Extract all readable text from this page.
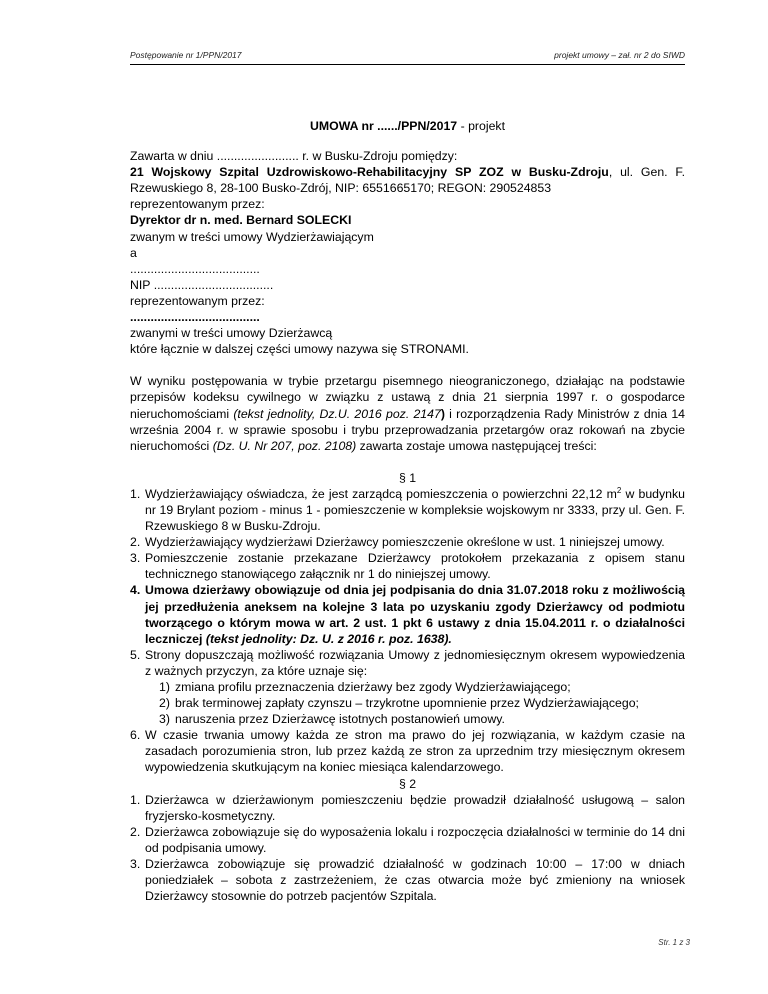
Postępowanie nr 1/PPN/2017	projekt umowy – zał. nr 2 do SIWD
UMOWA nr ....../PPN/2017 - projekt
Zawarta w dniu ........................ r. w Busku-Zdroju pomiędzy:
21 Wojskowy Szpital Uzdrowiskowo-Rehabilitacyjny SP ZOZ w Busku-Zdroju, ul. Gen. F.
Rzewuskiego 8, 28-100 Busko-Zdrój, NIP: 6551665170; REGON: 290524853
reprezentowanym przez:
Dyrektor dr n. med. Bernard SOLECKI
zwanym w treści umowy Wydzierżawiającym
a
......................................
NIP ...................................
reprezentowanym przez:
......................................
zwanymi w treści umowy Dzierżawcą
które łącznie w dalszej części umowy nazywa się STRONAMI.
W wyniku postępowania w trybie przetargu pisemnego nieograniczonego, działając na podstawie przepisów kodeksu cywilnego w związku z ustawą z dnia 21 sierpnia 1997 r. o gospodarce nieruchomościami (tekst jednolity, Dz.U. 2016 poz. 2147) i rozporządzenia Rady Ministrów z dnia 14 września 2004 r. w sprawie sposobu i trybu przeprowadzania przetargów oraz rokowań na zbycie nieruchomości (Dz. U. Nr 207, poz. 2108) zawarta zostaje umowa następującej treści:
§ 1
1. Wydzierżawiający oświadcza, że jest zarządcą pomieszczenia o powierzchni 22,12 $m^2$ w budynku nr 19 Brylant poziom - minus 1 - pomieszczenie w kompleksie wojskowym nr 3333, przy ul. Gen. F. Rzewuskiego 8 w Busku-Zdroju.
2. Wydzierżawiający wydzierżawi Dzierżawcy pomieszczenie określone w ust. 1 niniejszej umowy.
3. Pomieszczenie zostanie przekazane Dzierżawcy protokołem przekazania z opisem stanu technicznego stanowiącego załącznik nr 1 do niniejszej umowy.
4. Umowa dzierżawy obowiązuje od dnia jej podpisania do dnia 31.07.2018 roku z możliwością jej przedłużenia aneksem na kolejne 3 lata po uzyskaniu zgody Dzierżawcy od podmiotu tworzącego o którym mowa w art. 2 ust. 1 pkt 6 ustawy z dnia 15.04.2011 r. o działalności leczniczej (tekst jednolity: Dz. U. z 2016 r. poz. 1638).
5. Strony dopuszczają możliwość rozwiązania Umowy z jednomiesięcznym okresem wypowiedzenia z ważnych przyczyn, za które uznaje się:
1) zmiana profilu przeznaczenia dzierżawy bez zgody Wydzierżawiającego;
2) brak terminowej zapłaty czynszu – trzykrotne upomnienie przez Wydzierżawiającego;
3) naruszenia przez Dzierżawcę istotnych postanowień umowy.
6. W czasie trwania umowy każda ze stron ma prawo do jej rozwiązania, w każdym czasie na zasadach porozumienia stron, lub przez każdą ze stron za uprzednim trzy miesięcznym okresem wypowiedzenia skutkującym na koniec miesiąca kalendarzowego.
§ 2
1. Dzierżawca w dzierżawionym pomieszczeniu będzie prowadził działalność usługową – salon fryzjersko-kosmetyczny.
2. Dzierżawca zobowiązuje się do wyposażenia lokalu i rozpoczęcia działalności w terminie do 14 dni od podpisania umowy.
3. Dzierżawca zobowiązuje się prowadzić działalność w godzinach 10:00 – 17:00 w dniach poniedziałek – sobota z zastrzeżeniem, że czas otwarcia może być zmieniony na wniosek Dzierżawcy stosownie do potrzeb pacjentów Szpitala.
Str. 1 z 3
